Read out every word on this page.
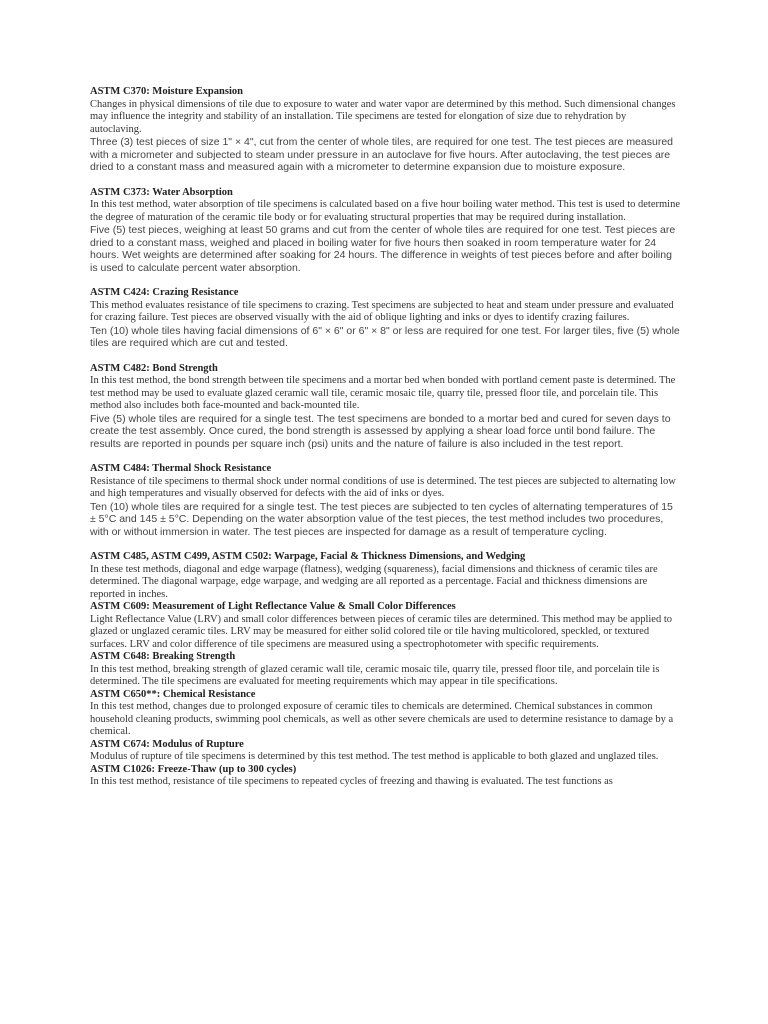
ASTM C370: Moisture Expansion

Changes in physical dimensions of tile due to exposure to water and water vapor are determined by this method. Such dimensional changes may influence the integrity and stability of an installation. Tile specimens are tested for elongation of size due to rehydration by autoclaving.

Three (3) test pieces of size 1" × 4", cut from the center of whole tiles, are required for one test. The test pieces are measured with a micrometer and subjected to steam under pressure in an autoclave for five hours. After autoclaving, the test pieces are dried to a constant mass and measured again with a micrometer to determine expansion due to moisture exposure.

ASTM C373: Water Absorption

In this test method, water absorption of tile specimens is calculated based on a five hour boiling water method. This test is used to determine the degree of maturation of the ceramic tile body or for evaluating structural properties that may be required during installation.

Five (5) test pieces, weighing at least 50 grams and cut from the center of whole tiles are required for one test. Test pieces are dried to a constant mass, weighed and placed in boiling water for five hours then soaked in room temperature water for 24 hours. Wet weights are determined after soaking for 24 hours. The difference in weights of test pieces before and after boiling is used to calculate percent water absorption.

ASTM C424: Crazing Resistance

This method evaluates resistance of tile specimens to crazing. Test specimens are subjected to heat and steam under pressure and evaluated for crazing failure. Test pieces are observed visually with the aid of oblique lighting and inks or dyes to identify crazing failures.

Ten (10) whole tiles having facial dimensions of 6" × 6" or 6" × 8" or less are required for one test. For larger tiles, five (5) whole tiles are required which are cut and tested.

ASTM C482: Bond Strength

In this test method, the bond strength between tile specimens and a mortar bed when bonded with portland cement paste is determined. The test method may be used to evaluate glazed ceramic wall tile, ceramic mosaic tile, quarry tile, pressed floor tile, and porcelain tile. This method also includes both face-mounted and back-mounted tile.

Five (5) whole tiles are required for a single test. The test specimens are bonded to a mortar bed and cured for seven days to create the test assembly. Once cured, the bond strength is assessed by applying a shear load force until bond failure. The results are reported in pounds per square inch (psi) units and the nature of failure is also included in the test report.

ASTM C484: Thermal Shock Resistance

Resistance of tile specimens to thermal shock under normal conditions of use is determined. The test pieces are subjected to alternating low and high temperatures and visually observed for defects with the aid of inks or dyes.

Ten (10) whole tiles are required for a single test. The test pieces are subjected to ten cycles of alternating temperatures of 15 ± 5°C and 145 ± 5°C. Depending on the water absorption value of the test pieces, the test method includes two procedures, with or without immersion in water. The test pieces are inspected for damage as a result of temperature cycling.

ASTM C485, ASTM C499, ASTM C502: Warpage, Facial & Thickness Dimensions, and Wedging

In these test methods, diagonal and edge warpage (flatness), wedging (squareness), facial dimensions and thickness of ceramic tiles are determined. The diagonal warpage, edge warpage, and wedging are all reported as a percentage. Facial and thickness dimensions are reported in inches.

ASTM C609: Measurement of Light Reflectance Value & Small Color Differences

Light Reflectance Value (LRV) and small color differences between pieces of ceramic tiles are determined. This method may be applied to glazed or unglazed ceramic tiles. LRV may be measured for either solid colored tile or tile having multicolored, speckled, or textured surfaces. LRV and color difference of tile specimens are measured using a spectrophotometer with specific requirements.

ASTM C648: Breaking Strength

In this test method, breaking strength of glazed ceramic wall tile, ceramic mosaic tile, quarry tile, pressed floor tile, and porcelain tile is determined. The tile specimens are evaluated for meeting requirements which may appear in tile specifications.

ASTM C650**: Chemical Resistance

In this test method, changes due to prolonged exposure of ceramic tiles to chemicals are determined. Chemical substances in common household cleaning products, swimming pool chemicals, as well as other severe chemicals are used to determine resistance to damage by a chemical.

ASTM C674: Modulus of Rupture

Modulus of rupture of tile specimens is determined by this test method. The test method is applicable to both glazed and unglazed tiles.

ASTM C1026: Freeze-Thaw (up to 300 cycles)

In this test method, resistance of tile specimens to repeated cycles of freezing and thawing is evaluated. The test functions as
